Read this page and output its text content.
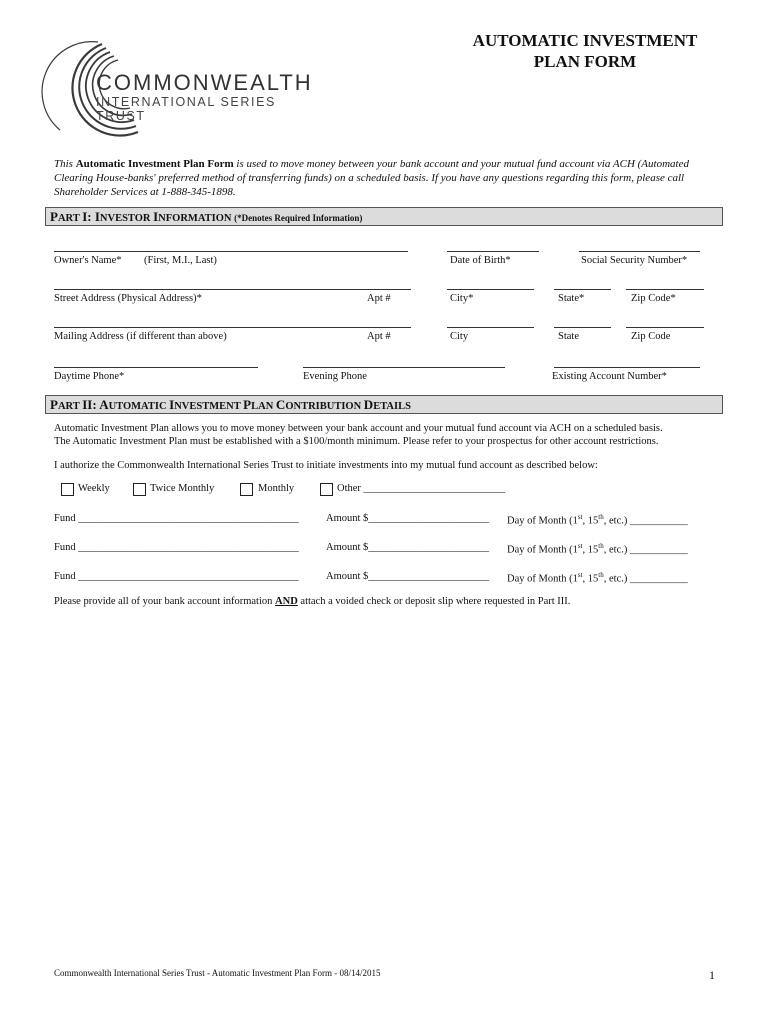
COMMONWEALTH
INTERNATIONAL SERIES TRUST
AUTOMATIC INVESTMENT
PLAN FORM
This Automatic Investment Plan Form is used to move money between your bank account and your mutual fund account via ACH (Automated Clearing House-banks' preferred method of transferring funds) on a scheduled basis. If you have any questions regarding this form, please call Shareholder Services at 1-888-345-1898.
PART I: INVESTOR INFORMATION (*Denotes Required Information)
Owner's Name* (First, M.I., Last)	Date of Birth*	Social Security Number*
Street Address (Physical Address)*	Apt #	City*	State*	Zip Code*
Mailing Address (if different than above)	Apt #	City	State	Zip Code
Daytime Phone*	Evening Phone	Existing Account Number*
PART II: AUTOMATIC INVESTMENT PLAN CONTRIBUTION DETAILS
Automatic Investment Plan allows you to move money between your bank account and your mutual fund account via ACH on a scheduled basis.
The Automatic Investment Plan must be established with a $100/month minimum. Please refer to your prospectus for other account restrictions.
I authorize the Commonwealth International Series Trust to initiate investments into my mutual fund account as described below:
Weekly	Twice Monthly	Monthly	Other ___________________________
Fund __________________________________________	Amount $_______________________ Day of Month (1st, 15th, etc.) ___________
Fund __________________________________________	Amount $_______________________ Day of Month (1st, 15th, etc.) ___________
Fund __________________________________________	Amount $_______________________ Day of Month (1st, 15th, etc.) ___________
Please provide all of your bank account information AND attach a voided check or deposit slip where requested in Part III.
Commonwealth International Series Trust - Automatic Investment Plan Form - 08/14/2015	1
